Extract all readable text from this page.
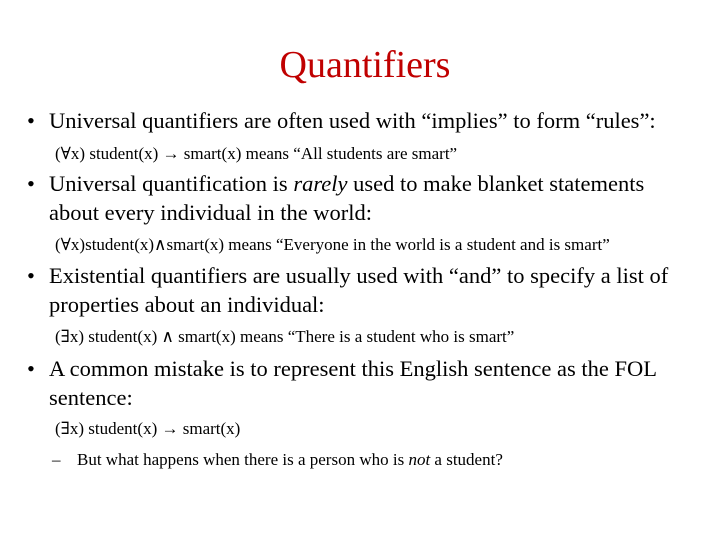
Quantifiers
• Universal quantifiers are often used with “implies” to form “rules”:
(∀x) student(x) → smart(x) means “All students are smart”
• Universal quantification is rarely used to make blanket statements
about every individual in the world:
(∀x)student(x)∧smart(x) means “Everyone in the world is a student and is smart”
• Existential quantifiers are usually used with “and” to specify a list of
properties about an individual:
(∃x) student(x) ∧ smart(x) means “There is a student who is smart”
• A common mistake is to represent this English sentence as the FOL
sentence:
(∃x) student(x) → smart(x)
– But what happens when there is a person who is not a student?
